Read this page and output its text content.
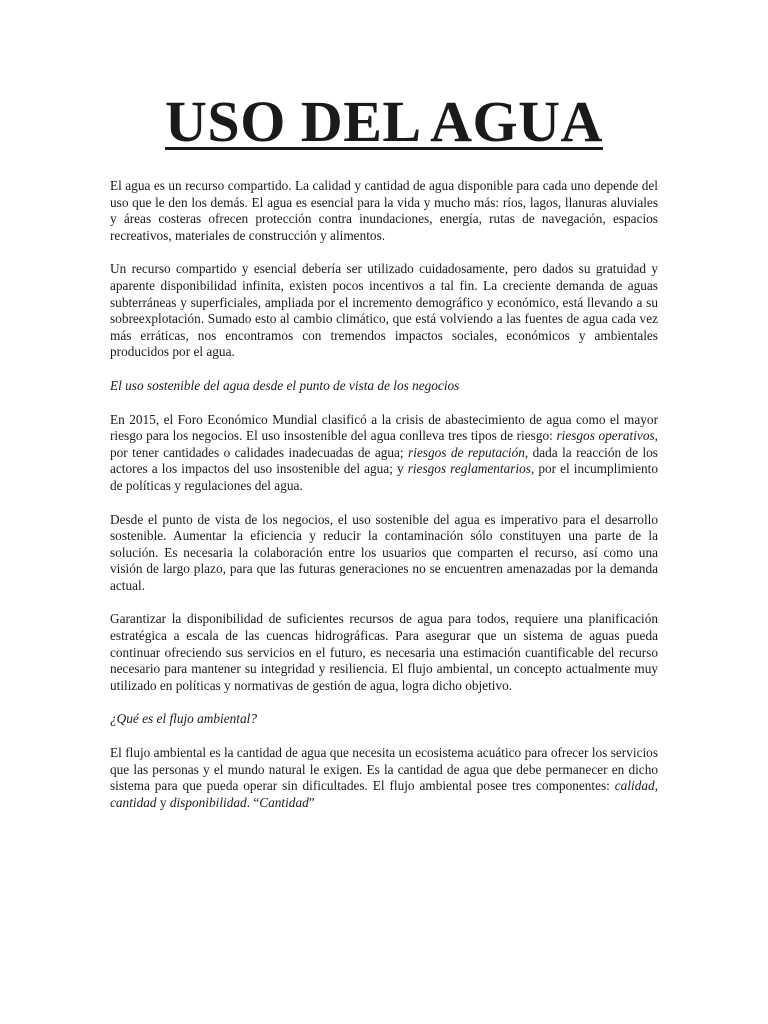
USO DEL AGUA

El agua es un recurso compartido. La calidad y cantidad de agua disponible para cada uno depende del uso que le den los demás. El agua es esencial para la vida y mucho más: ríos, lagos, llanuras aluviales y áreas costeras ofrecen protección contra inundaciones, energía, rutas de navegación, espacios recreativos, materiales de construcción y alimentos.

Un recurso compartido y esencial debería ser utilizado cuidadosamente, pero dados su gratuidad y aparente disponibilidad infinita, existen pocos incentivos a tal fin. La creciente demanda de aguas subterráneas y superficiales, ampliada por el incremento demográfico y económico, está llevando a su sobreexplotación. Sumado esto al cambio climático, que está volviendo a las fuentes de agua cada vez más erráticas, nos encontramos con tremendos impactos sociales, económicos y ambientales producidos por el agua.

El uso sostenible del agua desde el punto de vista de los negocios

En 2015, el Foro Económico Mundial clasificó a la crisis de abastecimiento de agua como el mayor riesgo para los negocios. El uso insostenible del agua conlleva tres tipos de riesgo: riesgos operativos, por tener cantidades o calidades inadecuadas de agua; riesgos de reputación, dada la reacción de los actores a los impactos del uso insostenible del agua; y riesgos reglamentarios, por el incumplimiento de políticas y regulaciones del agua.

Desde el punto de vista de los negocios, el uso sostenible del agua es imperativo para el desarrollo sostenible. Aumentar la eficiencia y reducir la contaminación sólo constituyen una parte de la solución. Es necesaria la colaboración entre los usuarios que comparten el recurso, así como una visión de largo plazo, para que las futuras generaciones no se encuentren amenazadas por la demanda actual.

Garantizar la disponibilidad de suficientes recursos de agua para todos, requiere una planificación estratégica a escala de las cuencas hidrográficas. Para asegurar que un sistema de aguas pueda continuar ofreciendo sus servicios en el futuro, es necesaria una estimación cuantificable del recurso necesario para mantener su integridad y resiliencia. El flujo ambiental, un concepto actualmente muy utilizado en políticas y normativas de gestión de agua, logra dicho objetivo.

¿Qué es el flujo ambiental?

El flujo ambiental es la cantidad de agua que necesita un ecosistema acuático para ofrecer los servicios que las personas y el mundo natural le exigen. Es la cantidad de agua que debe permanecer en dicho sistema para que pueda operar sin dificultades. El flujo ambiental posee tres componentes: calidad, cantidad y disponibilidad. “Cantidad”
